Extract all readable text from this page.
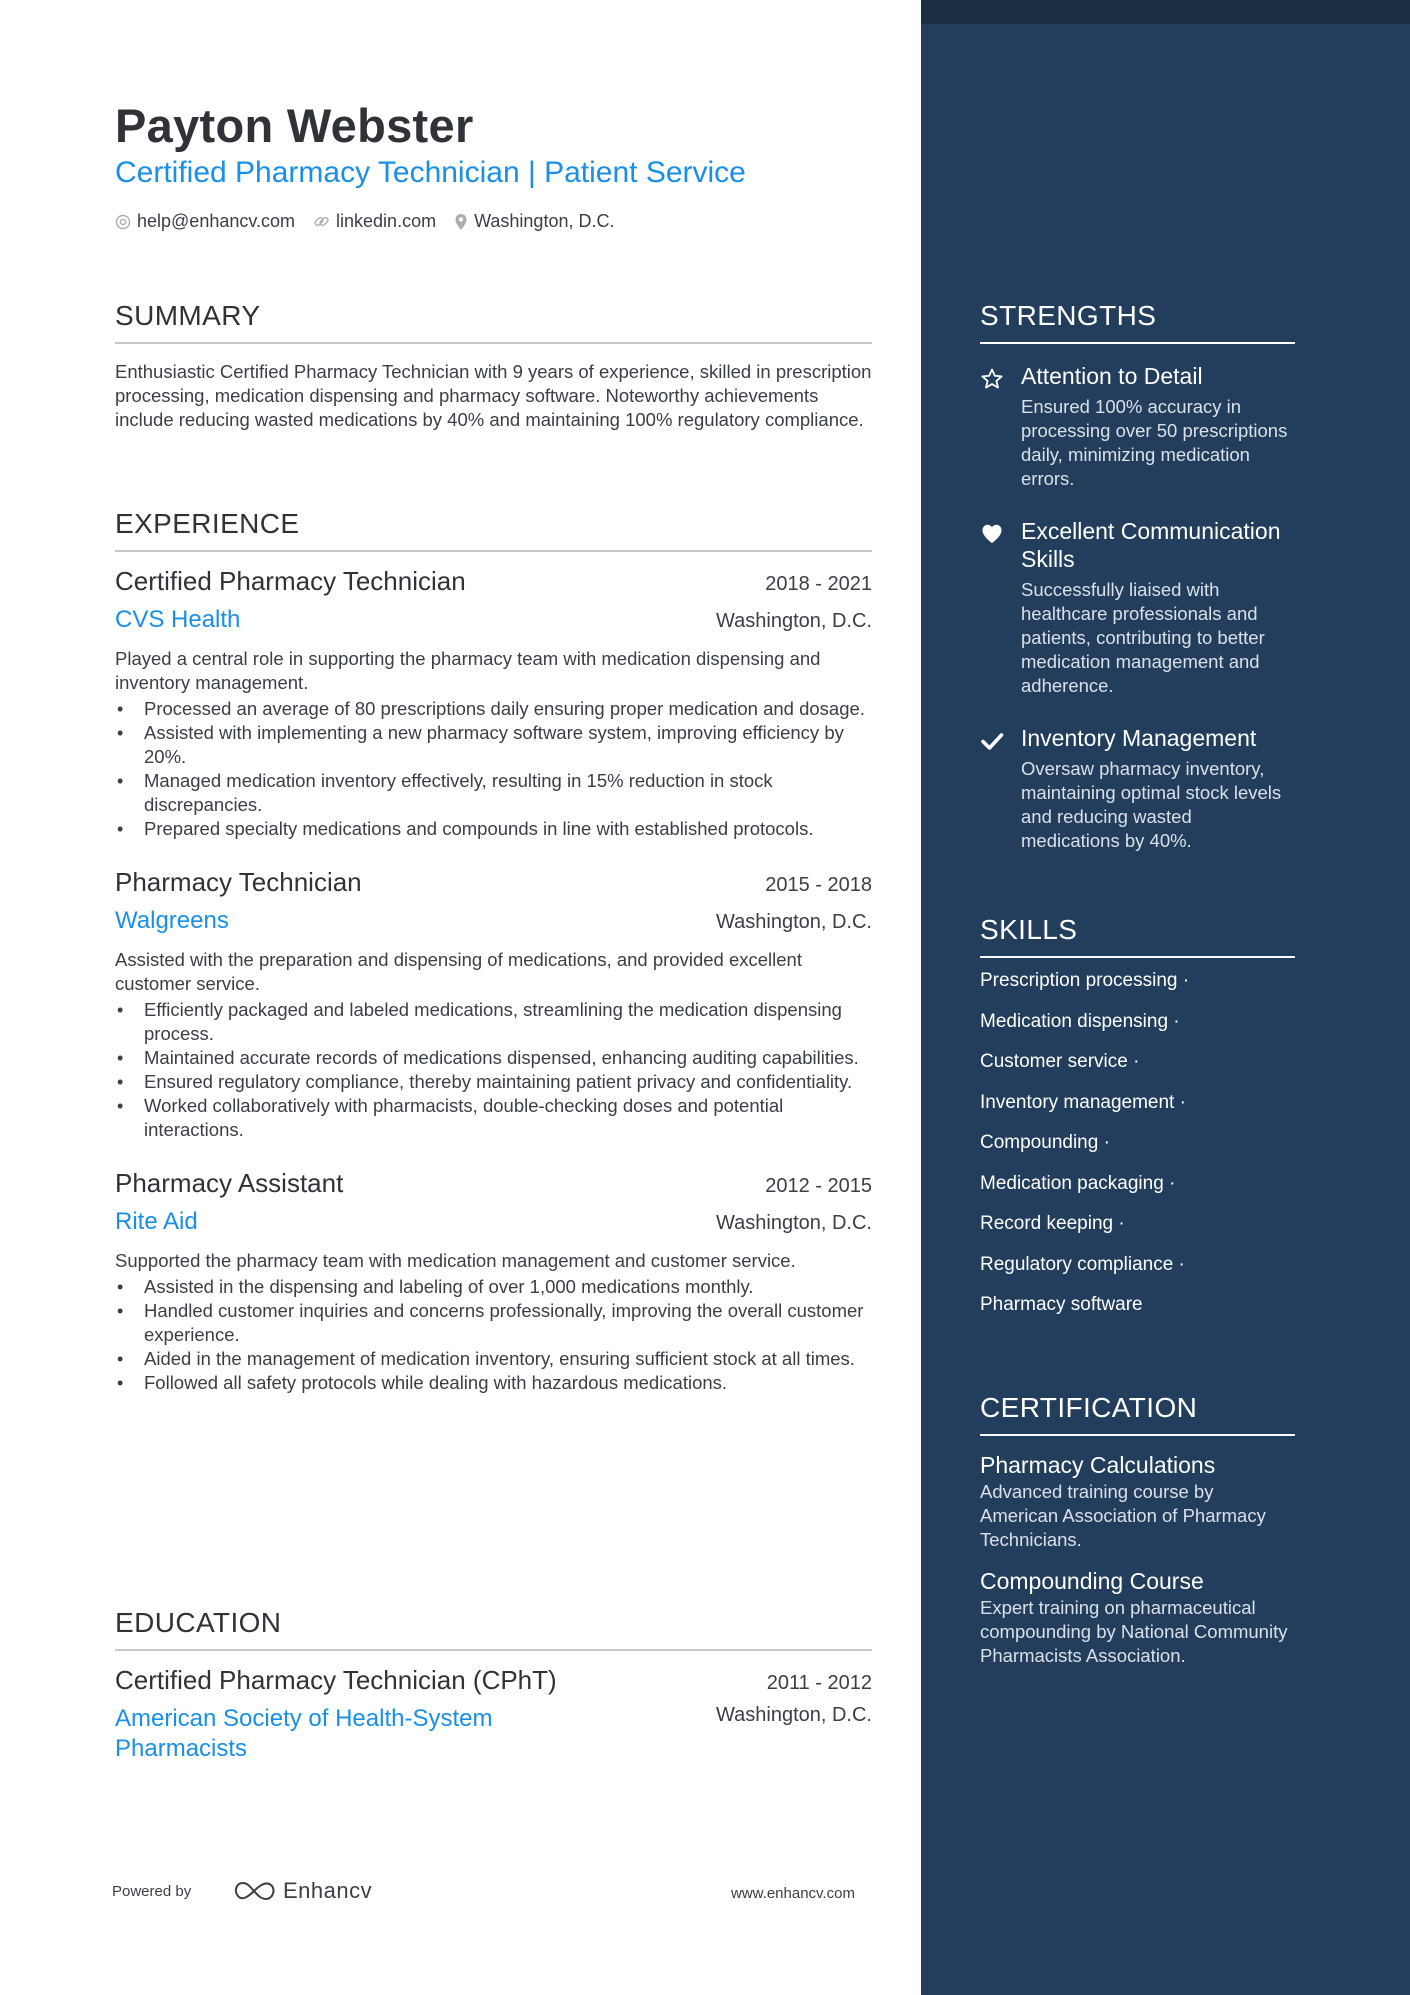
Payton Webster
Certified Pharmacy Technician | Patient Service
help@enhancv.com linkedin.com Washington, D.C.
SUMMARY
Enthusiastic Certified Pharmacy Technician with 9 years of experience, skilled in prescription processing, medication dispensing and pharmacy software. Noteworthy achievements include reducing wasted medications by 40% and maintaining 100% regulatory compliance.
EXPERIENCE
Certified Pharmacy Technician	2018 - 2021
CVS Health	Washington, D.C.
Played a central role in supporting the pharmacy team with medication dispensing and inventory management.
• Processed an average of 80 prescriptions daily ensuring proper medication and dosage.
• Assisted with implementing a new pharmacy software system, improving efficiency by 20%.
• Managed medication inventory effectively, resulting in 15% reduction in stock discrepancies.
• Prepared specialty medications and compounds in line with established protocols.
Pharmacy Technician	2015 - 2018
Walgreens	Washington, D.C.
Assisted with the preparation and dispensing of medications, and provided excellent customer service.
• Efficiently packaged and labeled medications, streamlining the medication dispensing process.
• Maintained accurate records of medications dispensed, enhancing auditing capabilities.
• Ensured regulatory compliance, thereby maintaining patient privacy and confidentiality.
• Worked collaboratively with pharmacists, double-checking doses and potential interactions.
Pharmacy Assistant	2012 - 2015
Rite Aid	Washington, D.C.
Supported the pharmacy team with medication management and customer service.
• Assisted in the dispensing and labeling of over 1,000 medications monthly.
• Handled customer inquiries and concerns professionally, improving the overall customer experience.
• Aided in the management of medication inventory, ensuring sufficient stock at all times.
• Followed all safety protocols while dealing with hazardous medications.
EDUCATION
Certified Pharmacy Technician (CPhT)	2011 - 2012
American Society of Health-System Pharmacists
Washington, D.C.
Powered by	Enhancv	www.enhancv.com
STRENGTHS
Attention to Detail
Ensured 100% accuracy in processing over 50 prescriptions daily, minimizing medication errors.
Excellent Communication Skills
Successfully liaised with healthcare professionals and patients, contributing to better medication management and adherence.
Inventory Management
Oversaw pharmacy inventory, maintaining optimal stock levels and reducing wasted medications by 40%.
SKILLS
Prescription processing ·
Medication dispensing ·
Customer service ·
Inventory management ·
Compounding ·
Medication packaging ·
Record keeping ·
Regulatory compliance ·
Pharmacy software
CERTIFICATION
Pharmacy Calculations
Advanced training course by American Association of Pharmacy Technicians.
Compounding Course
Expert training on pharmaceutical compounding by National Community Pharmacists Association.
